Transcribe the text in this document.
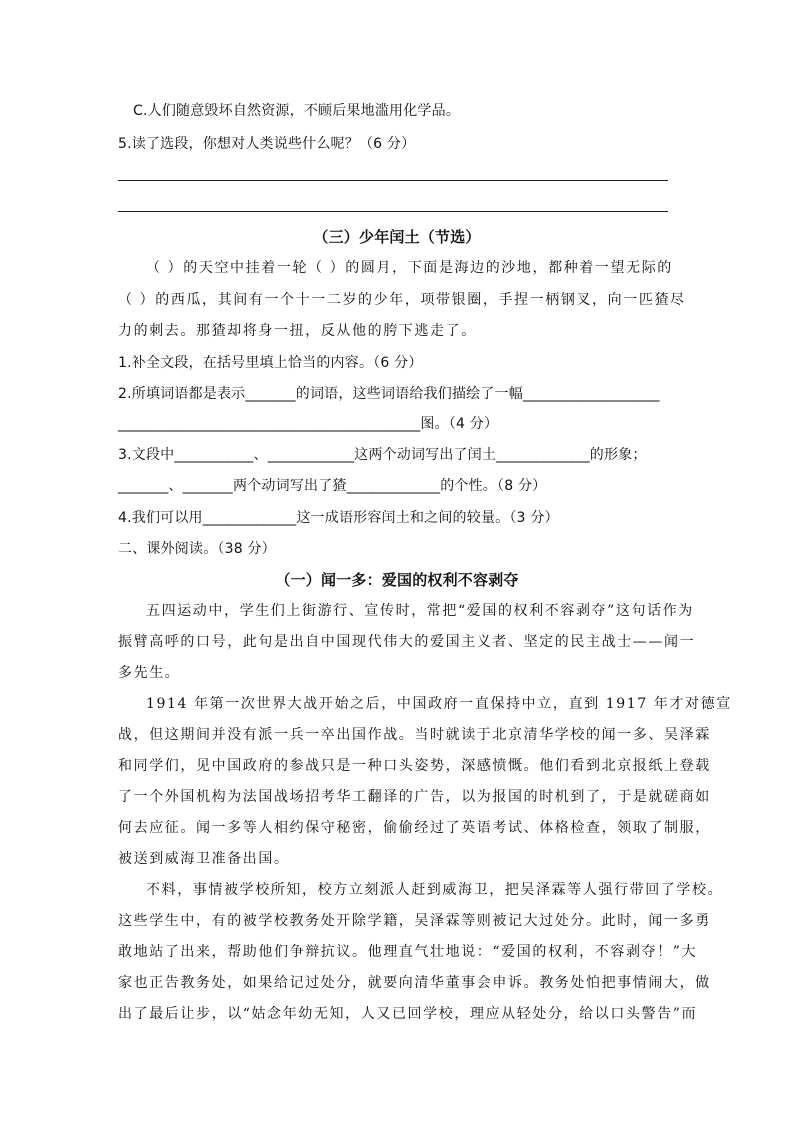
C.人们随意毁坏自然资源，不顾后果地滥用化学品。
5.读了选段，你想对人类说些什么呢？（6 分）
（三）少年闰土（节选）
（ ）的天空中挂着一轮（ ）的圆月，下面是海边的沙地，都种着一望无际的
（ ）的西瓜，其间有一个十一二岁的少年，项带银圈，手捏一柄钢叉，向一匹猹尽
力的刺去。那猹却将身一扭，反从他的胯下逃走了。
1.补全文段，在括号里填上恰当的内容。（6 分）
2.所填词语都是表示_______的词语，这些词语给我们描绘了一幅___________________
__________________________________________图。（4 分）
3.文段中___________、____________这两个动词写出了闰土_____________的形象；
_______、_______两个动词写出了猹_____________的个性。（8 分）
4.我们可以用_____________这一成语形容闰土和之间的较量。（3 分）
二、课外阅读。（38 分）
（一）闻一多：爱国的权利不容剥夺
五四运动中，学生们上街游行、宣传时，常把“爱国的权利不容剥夺”这句话作为
振臂高呼的口号，此句是出自中国现代伟大的爱国主义者、坚定的民主战士——闻一
多先生。
1914 年第一次世界大战开始之后，中国政府一直保持中立，直到 1917 年才对德宣
战，但这期间并没有派一兵一卒出国作战。当时就读于北京清华学校的闻一多、吴泽霖
和同学们，见中国政府的参战只是一种口头姿势，深感愤慨。他们看到北京报纸上登载
了一个外国机构为法国战场招考华工翻译的广告，以为报国的时机到了，于是就磋商如
何去应征。闻一多等人相约保守秘密，偷偷经过了英语考试、体格检查，领取了制服，
被送到威海卫准备出国。
不料，事情被学校所知，校方立刻派人赶到威海卫，把吴泽霖等人强行带回了学校。
这些学生中，有的被学校教务处开除学籍，吴泽霖等则被记大过处分。此时，闻一多勇
敢地站了出来，帮助他们争辩抗议。他理直气壮地说：“爱国的权利，不容剥夺！”大
家也正告教务处，如果给记过处分，就要向清华董事会申诉。教务处怕把事情闹大，做
出了最后让步，以“姑念年幼无知，人又已回学校，理应从轻处分，给以口头警告”而
